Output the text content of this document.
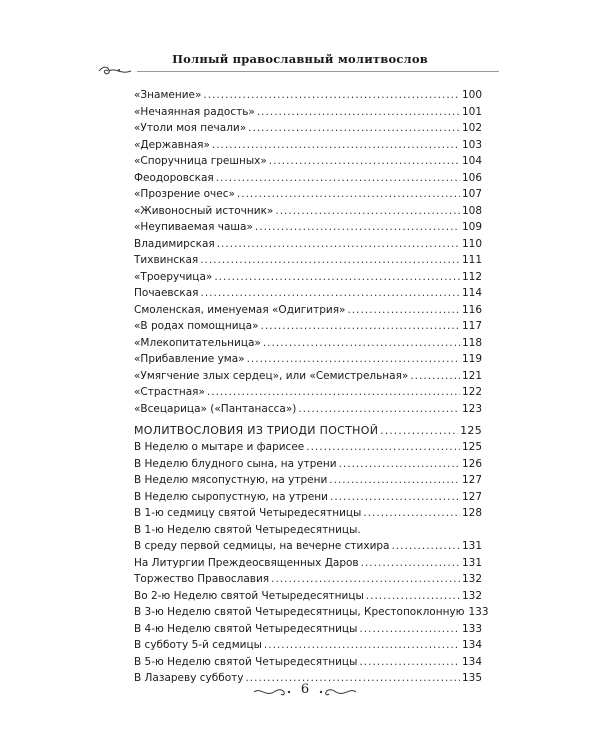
Полный православный молитвослов
«Знамение» .....	100
«Нечаянная радость» .....	101
«Утоли моя печали» .....	102
«Державная» .....	103
«Споручница грешных» .....	104
Феодоровская .....	106
«Прозрение очес» .....	107
«Живоносный источник» .....	108
«Неупиваемая чаша» .....	109
Владимирская .....	110
Тихвинская .....	111
«Троеручица» .....	112
Почаевская .....	114
Смоленская, именуемая «Одигитрия» .....	116
«В родах помощница» .....	117
«Млекопитательница» .....	118
«Прибавление ума» .....	119
«Умягчение злых сердец», или «Семистрельная» .....	121
«Страстная» .....	122
«Всецарица» («Пантанасса») .....	123
МОЛИТВОСЛОВИЯ ИЗ ТРИОДИ ПОСТНОЙ .....	125
В Неделю о мытаре и фарисее .....	125
В Неделю блудного сына, на утрени .....	126
В Неделю мясопустную, на утрени .....	127
В Неделю сыропустную, на утрени .....	127
В 1-ю седмицу святой Четыредесятницы .....	128
В 1-ю Неделю святой Четыредесятницы.
В среду первой седмицы, на вечерне стихира .....	131
На Литургии Преждеосвященных Даров .....	131
Торжество Православия .....	132
Во 2-ю Неделю святой Четыредесятницы .....	132
В 3-ю Неделю святой Четыредесятницы, Крестопоклонную 133
В 4-ю Неделю святой Четыредесятницы .....	133
В субботу 5-й седмицы .....	134
В 5-ю Неделю святой Четыредесятницы .....	134
В Лазареву субботу .....	135
6
